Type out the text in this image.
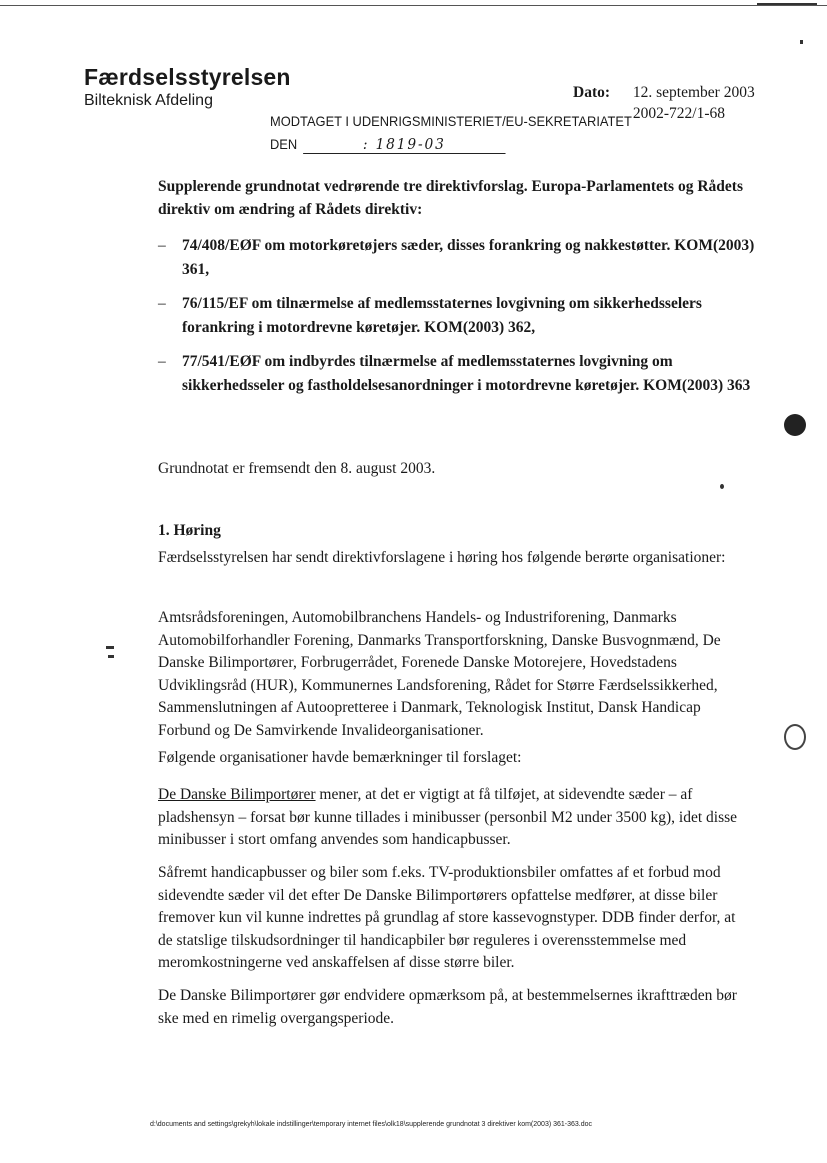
Færdselsstyrelsen
Bilteknisk Afdeling	Dato: 12. september 2003
2002-722/1-68
MODTAGET I UDENRIGSMINISTERIET/EU-SEKRETARIATET
DEN	: 1819-03
Supplerende grundnotat vedrørende tre direktivforslag. Europa-Parlamentets og Rådets direktiv om ændring af Rådets direktiv:
– 74/408/EØF om motorkøretøjers sæder, disses forankring og nakkestøtter. KOM(2003) 361,
– 76/115/EF om tilnærmelse af medlemsstaternes lovgivning om sikkerhedsselers forankring i motordrevne køretøjer. KOM(2003) 362,
– 77/541/EØF om indbyrdes tilnærmelse af medlemsstaternes lovgivning om sikkerhedsseler og fastholdelsesanordninger i motordrevne køretøjer. KOM(2003) 363
Grundnotat er fremsendt den 8. august 2003.
1. Høring
Færdselsstyrelsen har sendt direktivforslagene i høring hos følgende berørte organisationer:
Amtsrådsforeningen, Automobilbranchens Handels- og Industriforening, Danmarks Automobilforhandler Forening, Danmarks Transportforskning, Danske Busvognmænd, De Danske Bilimportører, Forbrugerrådet, Forenede Danske Motorejere, Hovedstadens Udviklingsråd (HUR), Kommunernes Landsforening, Rådet for Større Færdselssikkerhed, Sammenslutningen af Autoopretteree i Danmark, Teknologisk Institut, Dansk Handicap Forbund og De Samvirkende Invalideorganisationer.
Følgende organisationer havde bemærkninger til forslaget:
De Danske Bilimportører mener, at det er vigtigt at få tilføjet, at sidevendte sæder – af pladshensyn – forsat bør kunne tillades i minibusser (personbil M2 under 3500 kg), idet disse minibusser i stort omfang anvendes som handicapbusser.
Såfremt handicapbusser og biler som f.eks. TV-produktionsbiler omfattes af et forbud mod sidevendte sæder vil det efter De Danske Bilimportørers opfattelse medfører, at disse biler fremover kun vil kunne indrettes på grundlag af store kassevognstyper. DDB finder derfor, at de statslige tilskudsordninger til handicapbiler bør reguleres i overensstemmelse med meromkostningerne ved anskaffelsen af disse større biler.
De Danske Bilimportører gør endvidere opmærksom på, at bestemmelsernes ikrafttræden bør ske med en rimelig overgangsperiode.
d:\documents and settings\grekyh\lokale indstillinger\temporary internet files\olk18\supplerende grundnotat 3 direktiver kom(2003) 361-363.doc
